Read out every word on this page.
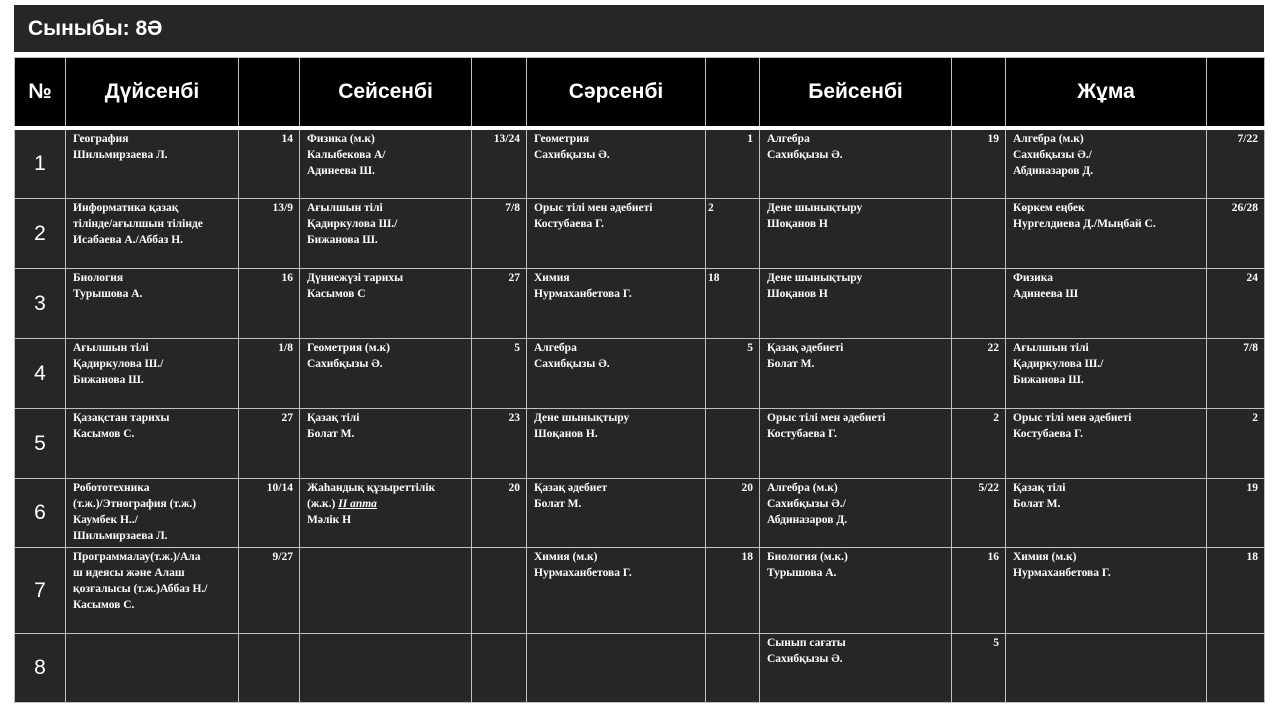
Сыныбы: 8Ә
№	Дүйсенбі		Сейсенбі		Сәрсенбі		Бейсенбі		Жұма	
1	География
Шильмирзаева Л.	14	Физика (м.к)
Калыбекова А/
Адинеева Ш.	13/24	Геометрия
Сахибқызы Ә.	1	Алгебра
Сахибқызы Ә.	19	Алгебра (м.к)
Сахибқызы Ә./
Абдиназаров Д.	7/22

2	Информатика қазақ
тілінде/ағылшын тілінде
Исабаева А./Аббаз Н.	13/9	Ағылшын тілі
Қадиркулова Ш./
Бижанова Ш.	7/8	Орыс тілі мен әдебиеті
Костубаева Г.	2	Дене шынықтыру
Шоқанов Н		Көркем еңбек
Нургелдиева Д./Мыңбай С.	26/28

3	Биология
Турышова А.	16	Дүниежүзі тарихы
Касымов С	27	Химия
Нурмаханбетова Г.	18	Дене шынықтыру
Шоқанов Н		Физика
Адинеева Ш	24

4	Ағылшын тілі
Қадиркулова Ш./
Бижанова Ш.	1/8	Геометрия (м.к)
Сахибқызы Ә.	5	Алгебра
Сахибқызы Ә.	5	Қазақ әдебиеті
Болат М.	22	Ағылшын тілі
Қадиркулова Ш./
Бижанова Ш.	7/8

5	Қазақстан тарихы
Касымов С.	27	Қазақ тілі
Болат М.	23	Дене шынықтыру
Шоқанов Н.		Орыс тілі мен әдебиеті
Костубаева Г.	2	Орыс тілі мен әдебиеті
Костубаева Г.	2

6	Робототехника
(т.ж.)/Этнография (т.ж.)
Каумбек Н../
Шильмирзаева Л.	10/14	Жаһандық құзыреттілік
(ж.к.) II апта
Мәлік Н	20	Қазақ әдебиет
Болат М.	20	Алгебра (м.к)
Сахибқызы Ә./
Абдиназаров Д.	5/22	Қазақ тілі
Болат М.	19

7	Программалау(т.ж.)/Ала
ш идеясы және Алаш
қозғалысы (т.ж.)Аббаз Н./
Касымов С.	9/27			Химия (м.к)
Нурмаханбетова Г.	18	Биология (м.к.)
Турышова А.	16	Химия (м.к)
Нурмаханбетова Г.	18

8							Сынып сағаты
Сахибқызы Ә.	5		
